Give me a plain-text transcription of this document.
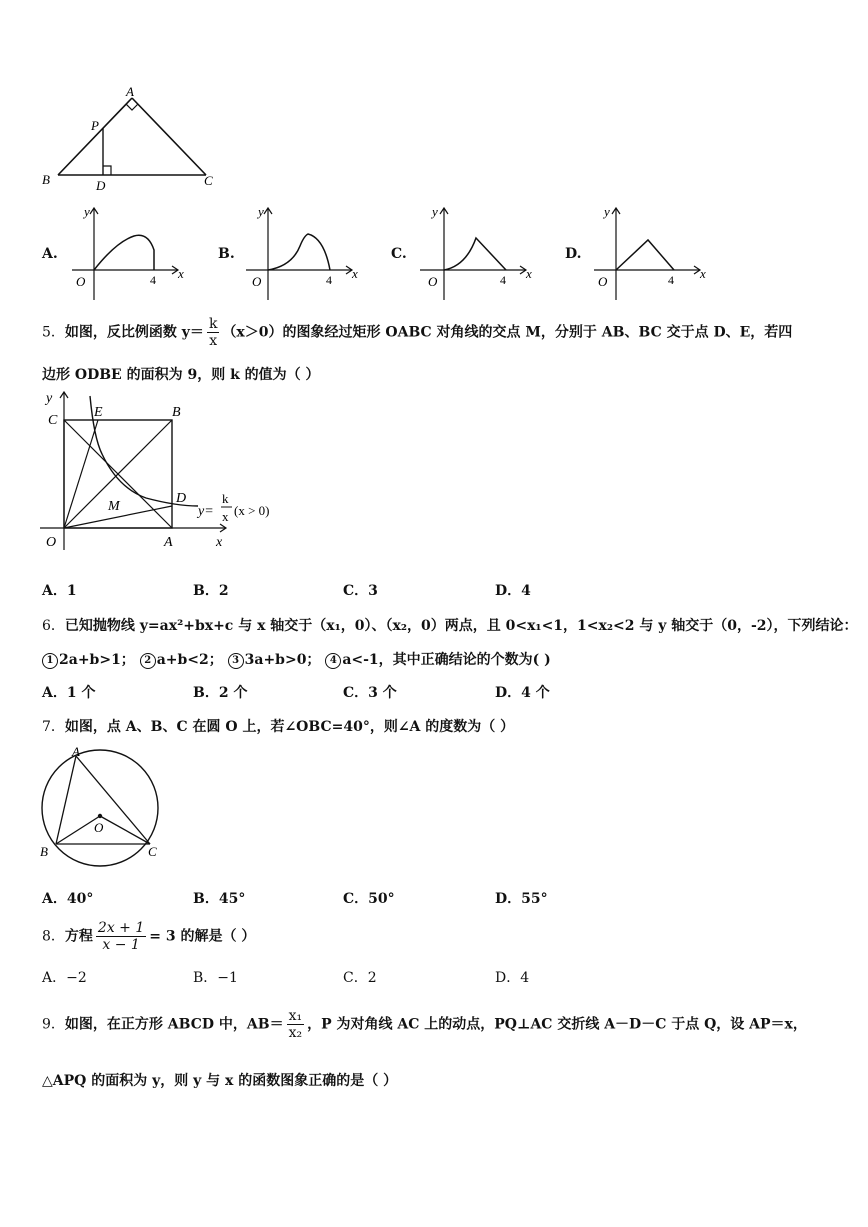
A
P
B	D	C
A.
y
O	4 x
B.
y
O	4 x
C.
y
O	4 x
D.
y
O	4 x
5．如图，反比例函数 $y= \frac{k}{x} (x>0)$的图象经过矩形 OABC 对角线的交点 M，分别于 AB、BC 交于点 D、E，若四
边形 ODBE 的面积为 9，则 k 的值为（ ）
y
C
E	B
M
D
O	A	x
y=
k
x (x > 0)
A．1	B．2	C．3	D．4
6．已知抛物线 y=ax²+bx+c 与 x 轴交于（x₁，0）、（x₂，0）两点，且 0<x₁<1，1<x₂<2 与 y 轴交于（0，-2），下列结论：
1 2a+b>1； 2 a+b<2； 3 3a+b>0； 4 a<-1，其中正确结论的个数为( )
A．1 个	B．2 个	C．3 个	D．4 个
7．如图，点 A、B、C 在圆 O 上，若∠OBC=40°，则∠A 的度数为（ ）
A
O
B	C
A．40°	B．45°	C．50°	D．55°
8．方程 $\frac{2x + 1}{x - 1} = 3$ 的解是（ ）
A．−2	B．−1	C．2	D．4
9．如图，在正方形 ABCD 中，$AB= \frac{\text{x₁}}{\text{x₂}}$ ，P 为对角线 AC 上的动点，PQ⊥AC 交折线 A－D－C 于点 Q，设 AP＝x，
△APQ 的面积为 y，则 y 与 x 的函数图象正确的是（ ）
